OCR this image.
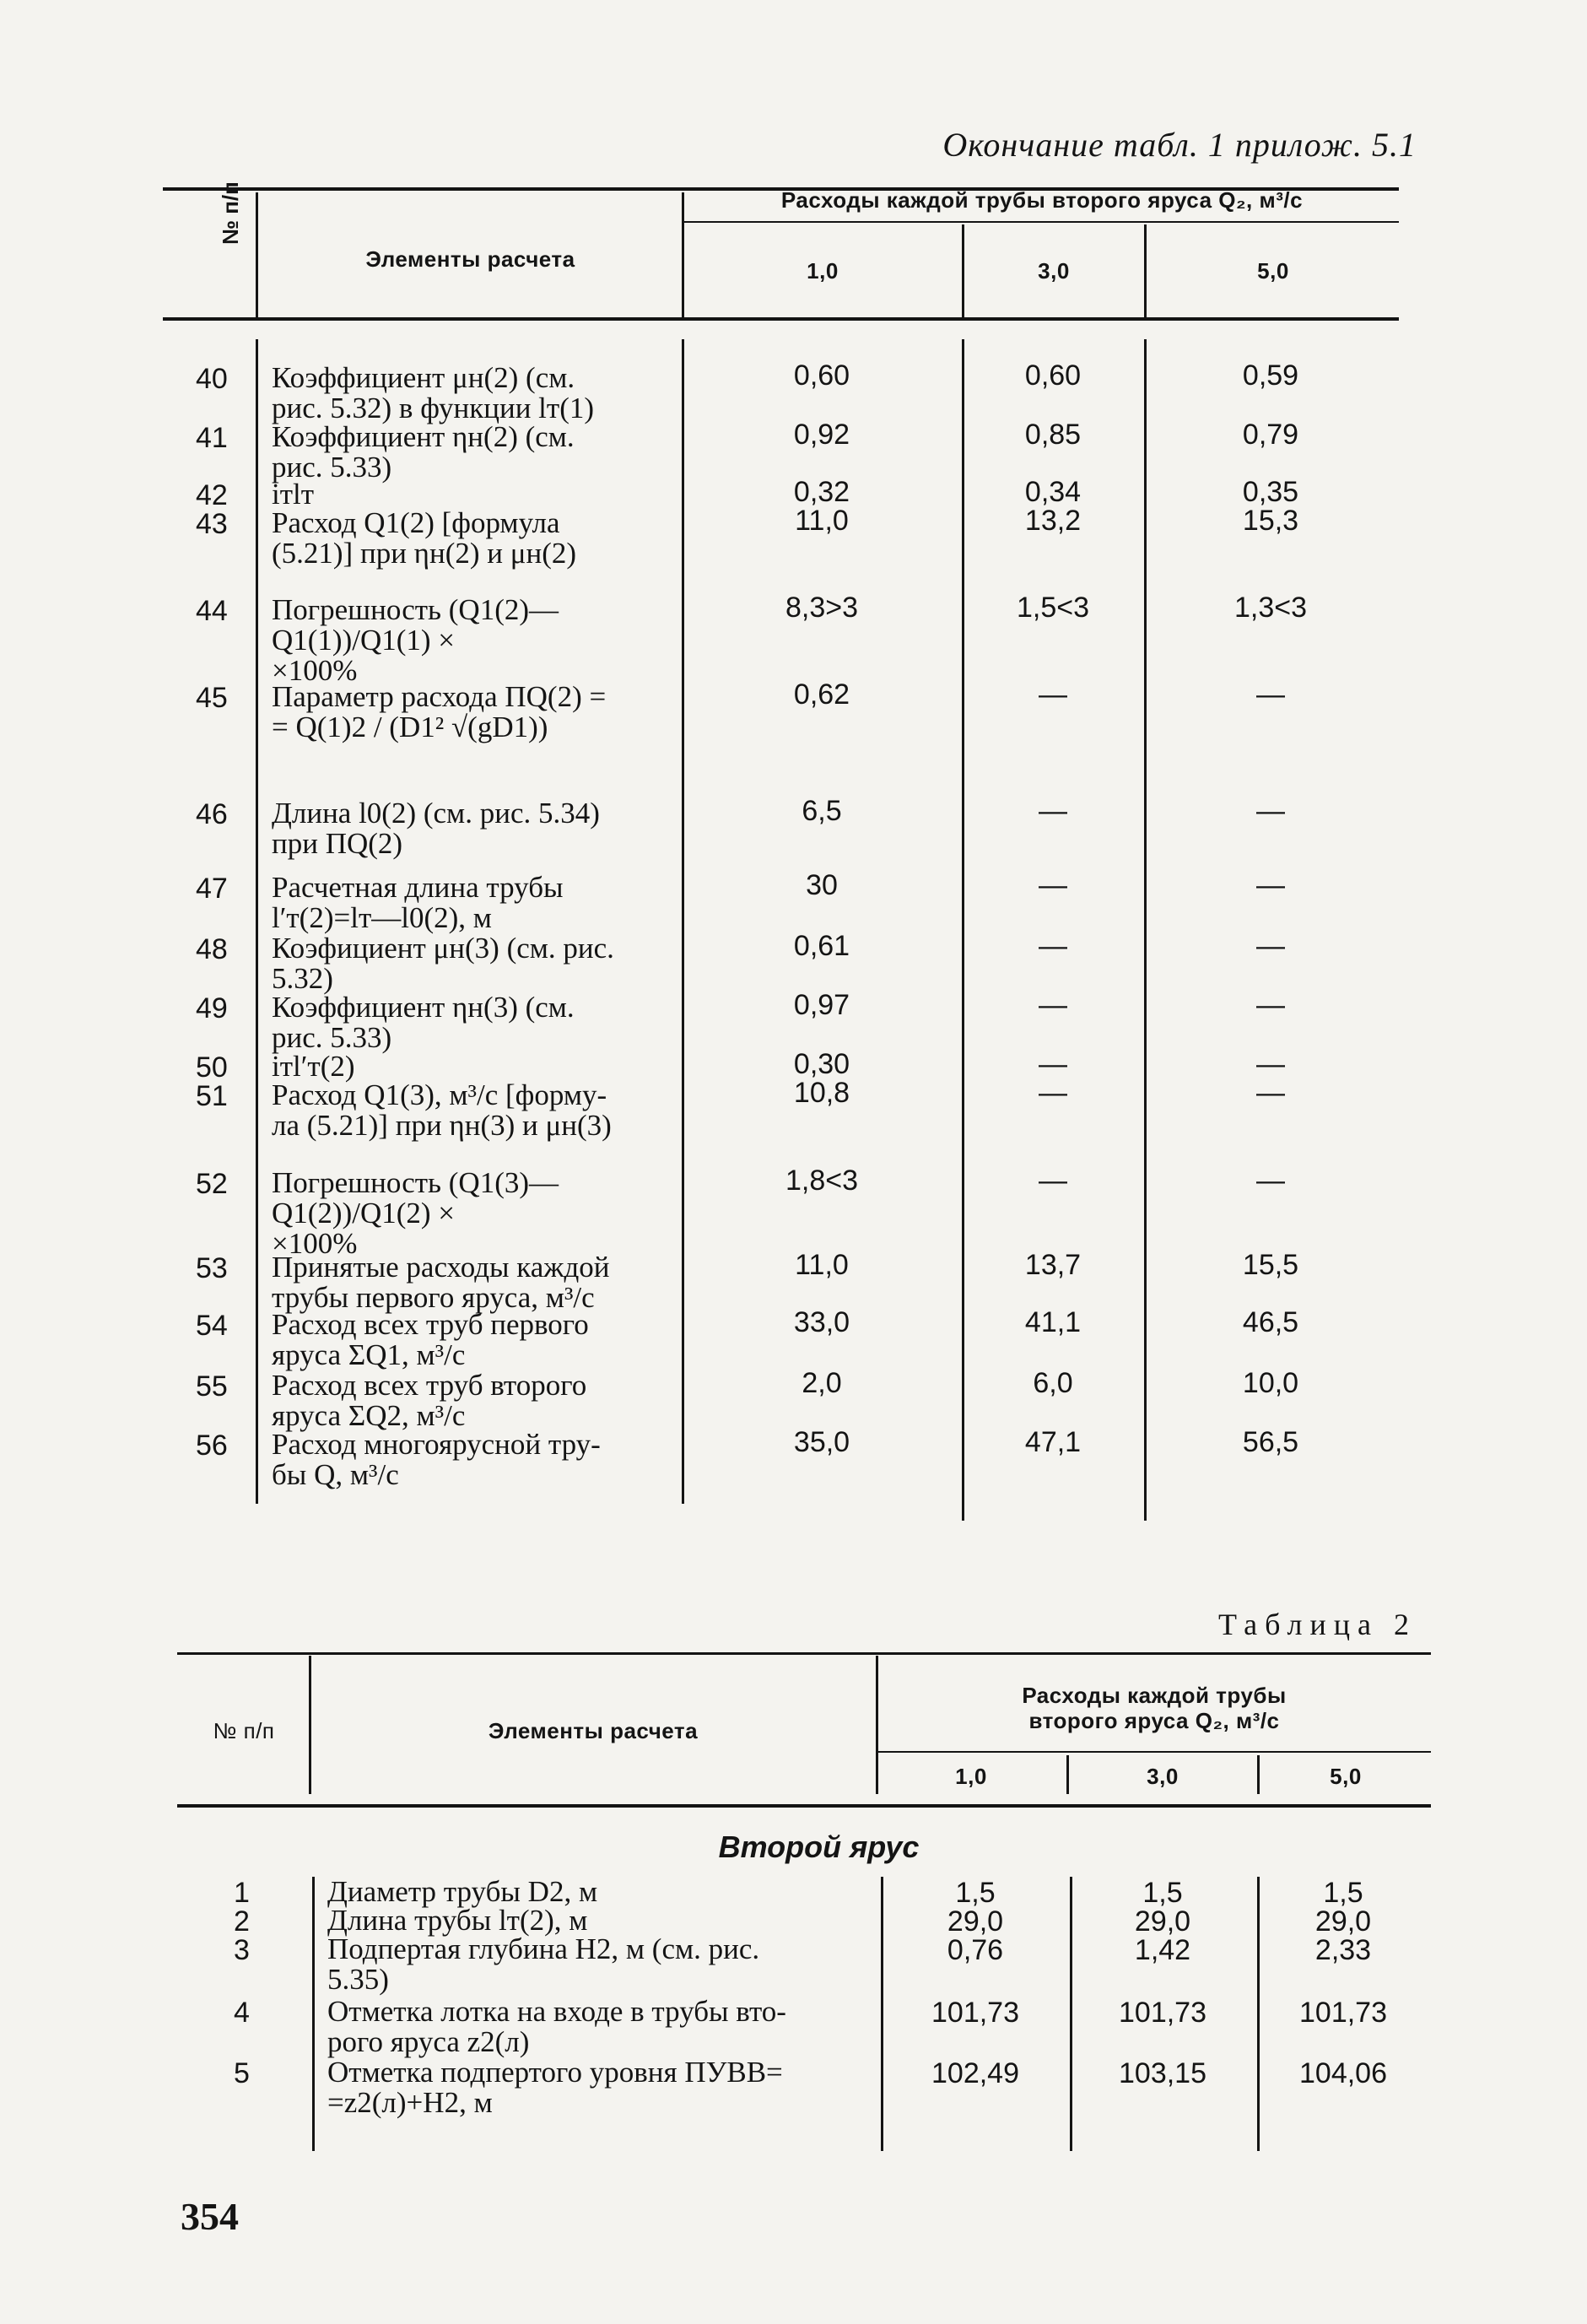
Окончание табл. 1 прилож. 5.1
№ п/п
Элементы расчета
Расходы каждой трубы второго яруса Q₂, м³/с
1,0	3,0	5,0
40 Коэффициент μн(2) (см.
рис. 5.32) в функции lт(1)
0,60	0,60	0,59
41 Коэффициент ηн(2) (см.
рис. 5.33)
0,92	0,85	0,79
42 iтlт	0,32	0,34	0,35
43 Расход Q1(2) [формула
(5.21)] при ηн(2) и μн(2)
11,0	13,2	15,3
44 Погрешность (Q1(2)—Q1(1))/Q1(1) ×
×100%
8,3>3	1,5<3	1,3<3
45 Параметр расхода ПQ(2) =
= Q(1)2 / (D1² √(gD1))
0,62	—	—
46 Длина l0(2) (см. рис. 5.34)
при ПQ(2)
6,5	—	—
47 Расчетная длина трубы
l′т(2)=lт—l0(2), м
30	—	—
48 Коэфициент μн(3) (см. рис.
5.32)
0,61	—	—
49 Коэффициент ηн(3) (см.
рис. 5.33)
0,97	—	—
50 iтl′т(2)	0,30	—	—
51 Расход Q1(3), м³/с [форму-
ла (5.21)] при ηн(3) и μн(3)
10,8	—	—
52 Погрешность (Q1(3)—Q1(2))/Q1(2) ×
×100%
1,8<3	—	—
53 Принятые расходы каждой
трубы первого яруса, м³/с
11,0	13,7	15,5
54 Расход всех труб первого
яруса ΣQ1, м³/с
33,0	41,1	46,5
55 Расход всех труб второго
яруса ΣQ2, м³/с
2,0	6,0	10,0
56 Расход многоярусной тру-
бы Q, м³/с
35,0	47,1	56,5
Таблица 2
№ п/п	Элементы расчета
Расходы каждой трубы
второго яруса Q₂, м³/с
1,0	3,0	5,0
Второй ярус
1	Диаметр трубы D2, м	1,5	1,5	1,5
2	Длина трубы lт(2), м	29,0	29,0	29,0
3	Подпертая глубина H2, м (см. рис.
5.35)
0,76	1,42	2,33
4	Отметка лотка на входе в трубы вто-
рого яруса z2(л)
101,73	101,73	101,73
5	Отметка подпертого уровня ПУВВ=
=z2(л)+H2, м
102,49	103,15	104,06
354
